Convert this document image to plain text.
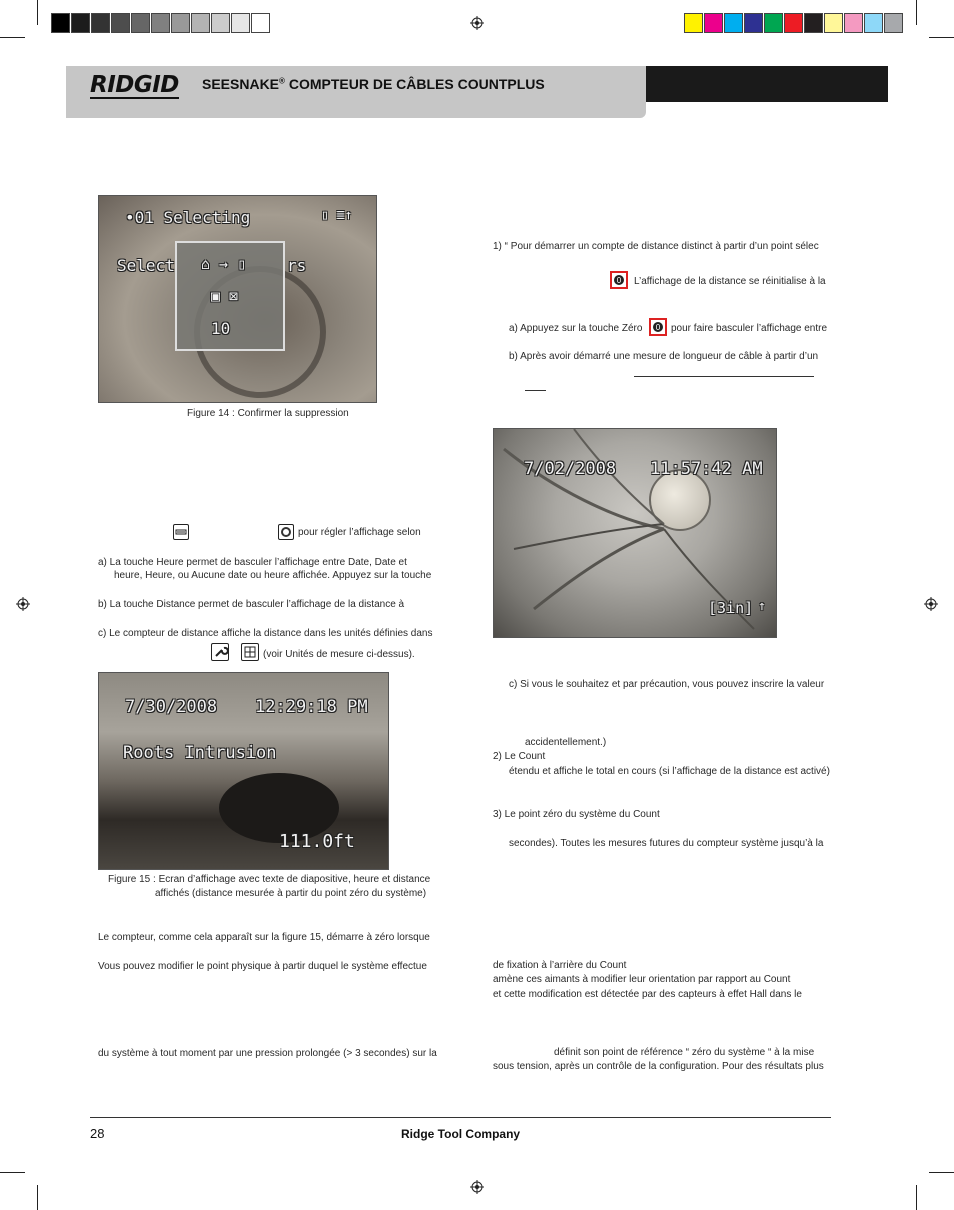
RIDGID SEESNAKE® COMPTEUR DE CÂBLES COUNTPLUS
•01 Selecting	▯ ≣↑
Select	rs
⌂ → ▯
▣ ⊠
10
Figure 14 : Confirmer la suppression
pour régler l’affichage selon
a) La touche Heure permet de basculer l’affichage entre Date, Date et
heure, Heure, ou Aucune date ou heure affichée. Appuyez sur la touche
b) La touche Distance permet de basculer l’affichage de la distance à
c) Le compteur de distance affiche la distance dans les unités définies dans
(voir Unités de mesure ci-dessus).
7/30/2008 12:29:18 PM
Roots Intrusion
111.0ft
Figure 15 : Ecran d’affichage avec texte de diapositive, heure et distance
affichés (distance mesurée à partir du point zéro du système)
Le compteur, comme cela apparaît sur la figure 15, démarre à zéro lorsque
Vous pouvez modifier le point physique à partir duquel le système effectue
du système à tout moment par une pression prolongée (> 3 secondes) sur la
1) “ Pour démarrer un compte de distance distinct à partir d’un point sélec
0 L’affichage de la distance se réinitialise à la
a) Appuyez sur la touche Zéro 0 pour faire basculer l’affichage entre
b) Après avoir démarré une mesure de longueur de câble à partir d’un
7/02/2008 11:57:42 AM
[3in] ↑
c) Si vous le souhaitez et par précaution, vous pouvez inscrire la valeur
accidentellement.)
2) Le Count
étendu et affiche le total en cours (si l’affichage de la distance est activé)
3) Le point zéro du système du Count
secondes). Toutes les mesures futures du compteur système jusqu’à la
de fixation à l’arrière du Count
amène ces aimants à modifier leur orientation par rapport au Count
et cette modification est détectée par des capteurs à effet Hall dans le
définit son point de référence “ zéro du système “ à la mise
sous tension, après un contrôle de la configuration. Pour des résultats plus
28	Ridge Tool Company
